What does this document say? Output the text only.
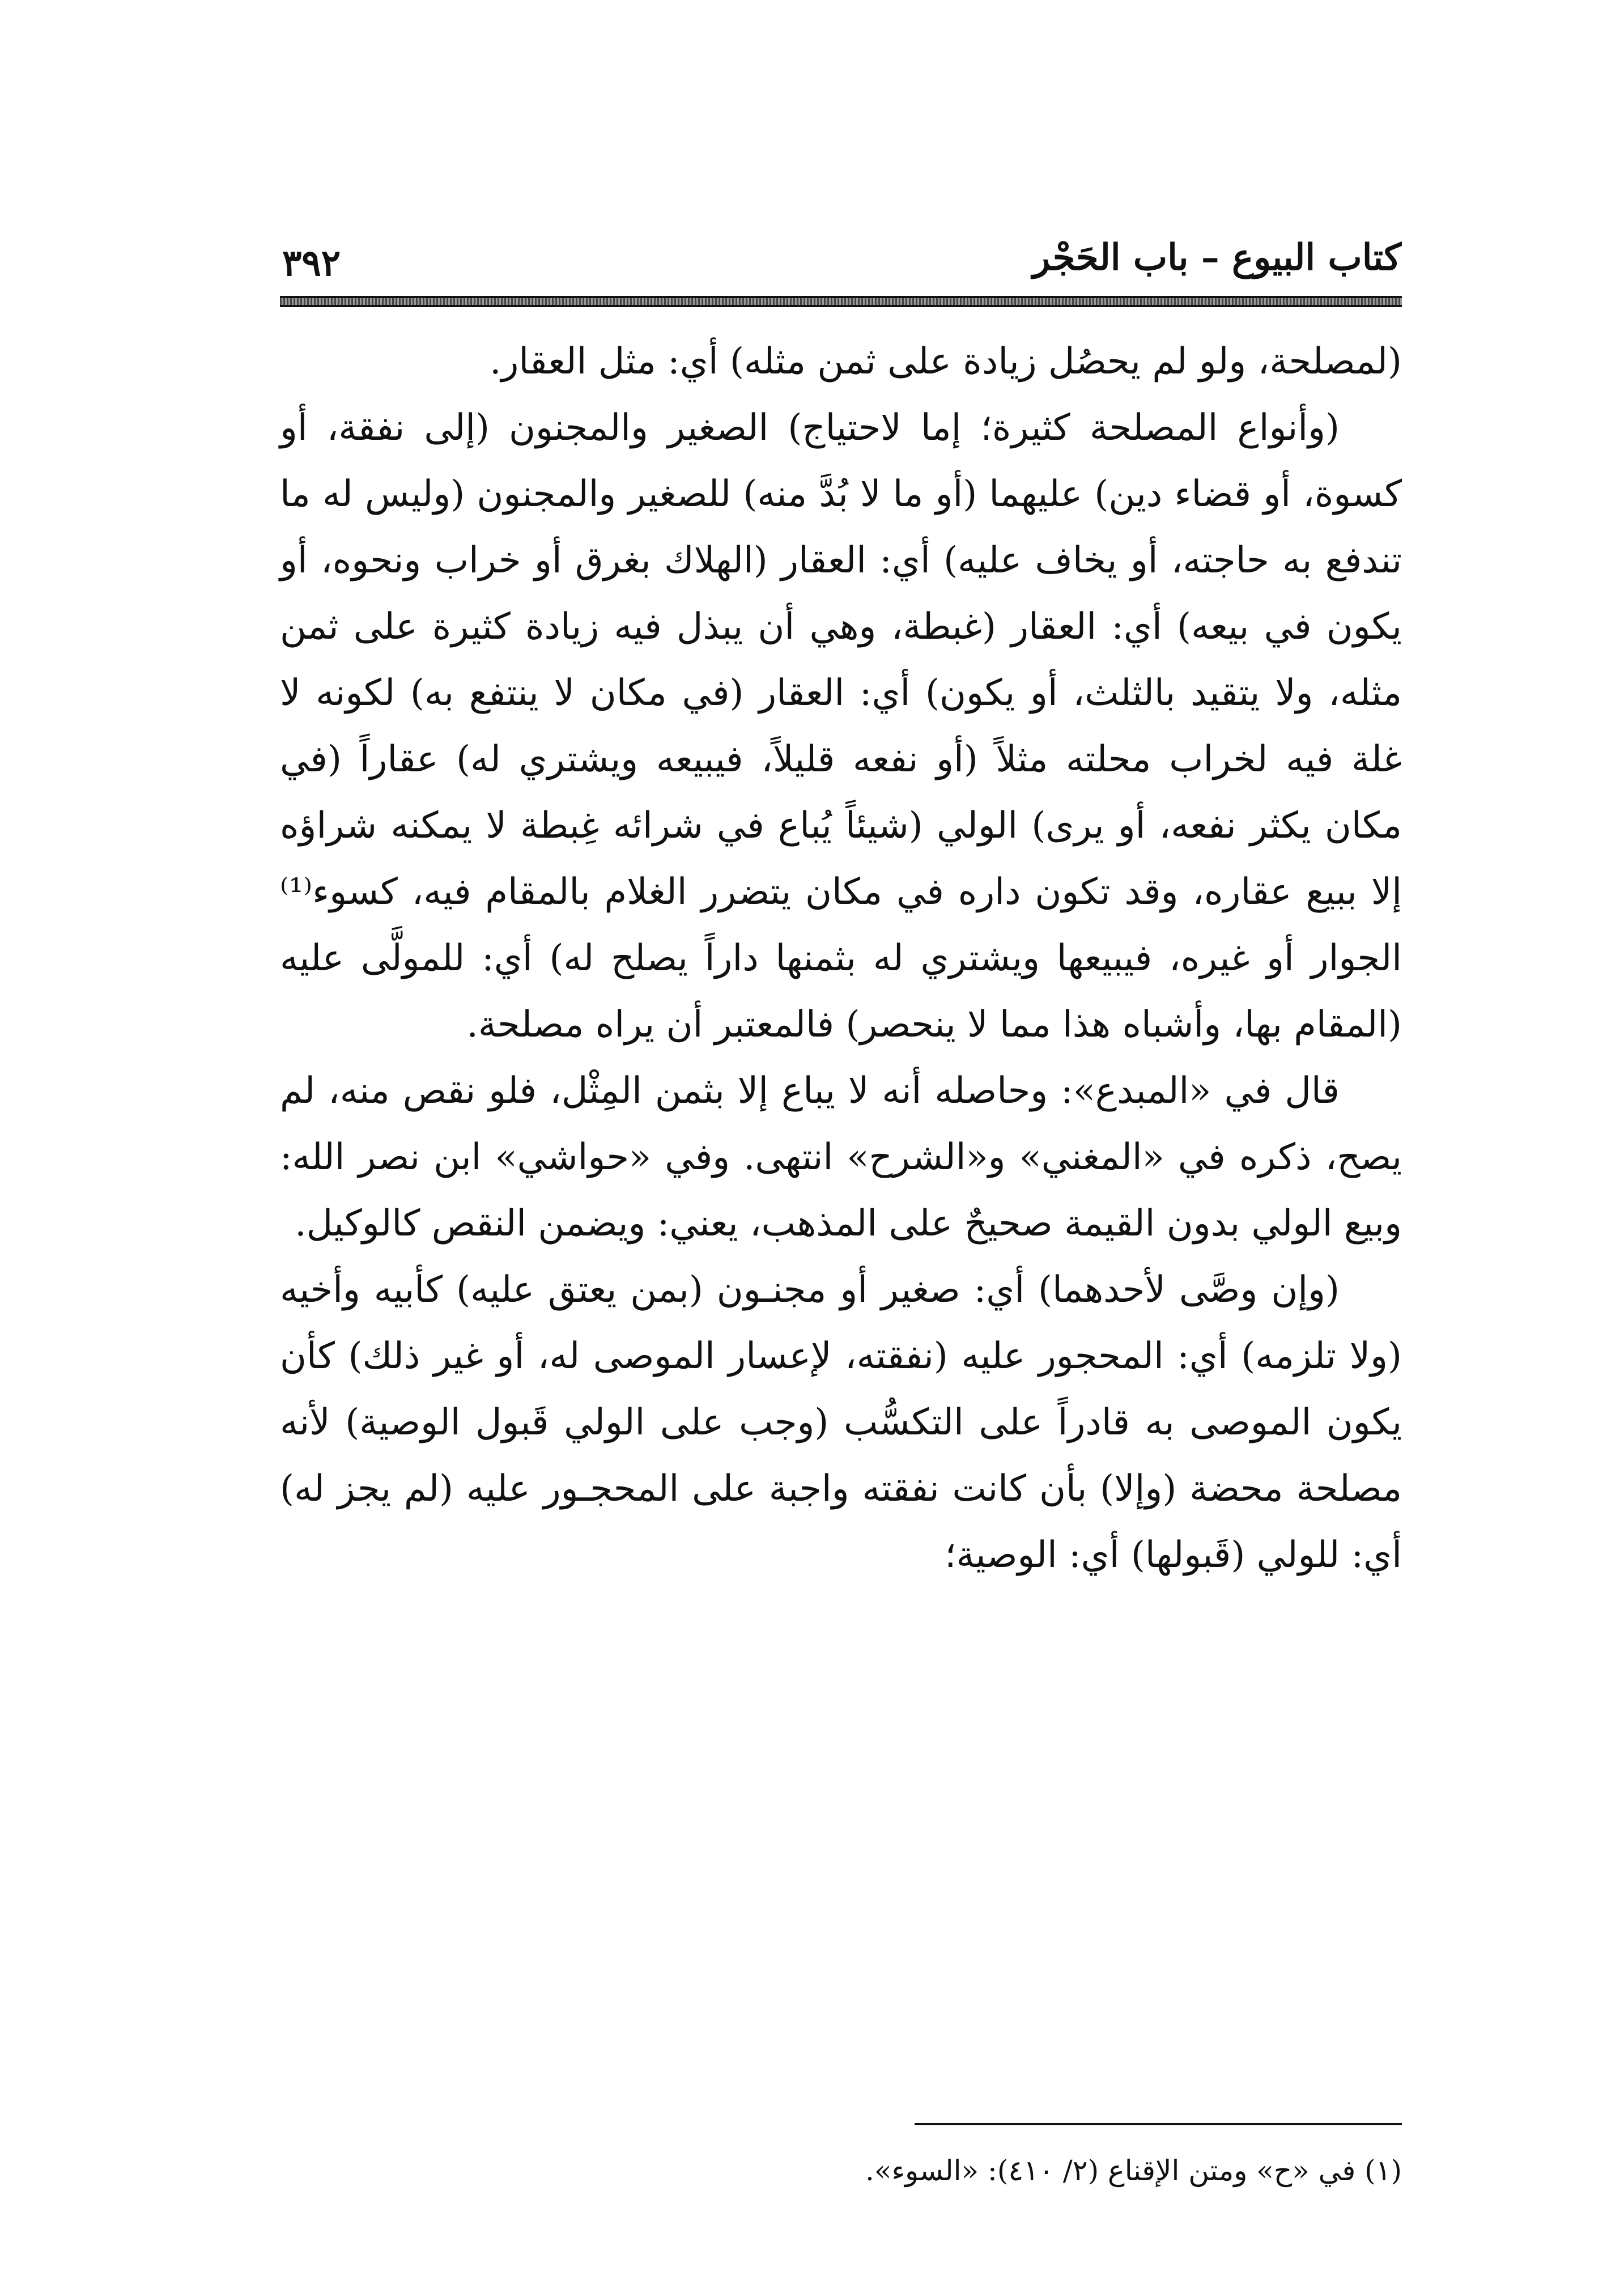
كتاب البيوع – باب الحَجْر
٣٩٢

(لمصلحة، ولو لم يحصُل زيادة على ثمن مثله) أي: مثل العقار.

(وأنواع المصلحة كثيرة؛ إما لاحتياج) الصغير والمجنون (إلى نفقة، أو كسوة، أو قضاء دين) عليهما (أو ما لا بُدَّ منه) للصغير والمجنون (وليس له ما تندفع به حاجته، أو يخاف عليه) أي: العقار (الهلاك بغرق أو خراب ونحوه، أو يكون في بيعه) أي: العقار (غبطة، وهي أن يبذل فيه زيادة كثيرة على ثمن مثله، ولا يتقيد بالثلث، أو يكون) أي: العقار (في مكان لا ينتفع به) لكونه لا غلة فيه لخراب محلته مثلاً (أو نفعه قليلاً، فيبيعه ويشتري له) عقاراً (في مكان يكثر نفعه، أو يرى) الولي (شيئاً يُباع في شرائه غِبطة لا يمكنه شراؤه إلا ببيع عقاره، وقد تكون داره في مكان يتضرر الغلام بالمقام فيه، كسوء⁽¹⁾ الجوار أو غيره، فيبيعها ويشتري له بثمنها داراً يصلح له) أي: للمولَّى عليه (المقام بها، وأشباه هذا مما لا ينحصر) فالمعتبر أن يراه مصلحة.

قال في «المبدع»: وحاصله أنه لا يباع إلا بثمن المِثْل، فلو نقص منه، لم يصح، ذكره في «المغني» و«الشرح» انتهى. وفي «حواشي» ابن نصر الله: وبيع الولي بدون القيمة صحيحٌ على المذهب، يعني: ويضمن النقص كالوكيل.

(وإن وصَّى لأحدهما) أي: صغير أو مجنـون (بمن يعتق عليه) كأبيه وأخيه (ولا تلزمه) أي: المحجور عليه (نفقته، لإعسار الموصى له، أو غير ذلك) كأن يكون الموصى به قادراً على التكسُّب (وجب على الولي قَبول الوصية) لأنه مصلحة محضة (وإلا) بأن كانت نفقته واجبة على المحجـور عليه (لم يجز له) أي: للولي (قَبولها) أي: الوصية؛

(١) في «ح» ومتن الإقناع (٢/ ٤١٠): «السوء».
